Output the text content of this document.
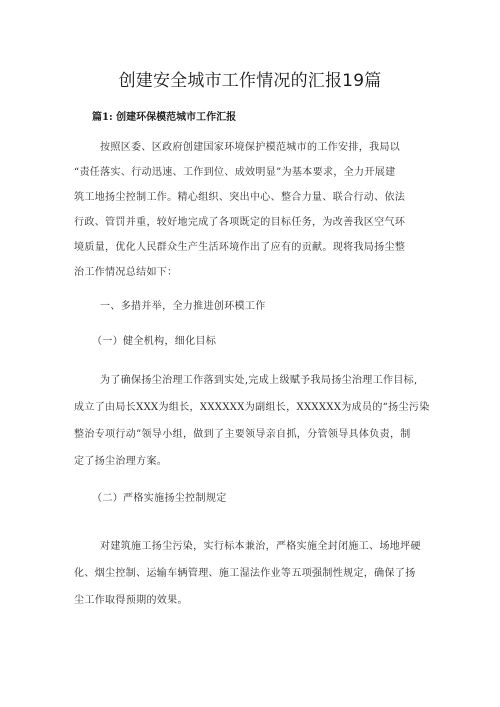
创建安全城市工作情况的汇报19篇
篇1: 创建环保模范城市工作汇报
按照区委、区政府创建国家环境保护模范城市的工作安排，我局以
“责任落实、行动迅速、工作到位、成效明显”为基本要求，全力开展建
筑工地扬尘控制工作。精心组织、突出中心、整合力量、联合行动、依法
行政、管罚并重，较好地完成了各项既定的目标任务，为改善我区空气环
境质量，优化人民群众生产生活环境作出了应有的贡献。现将我局扬尘整
治工作情况总结如下：
一、多措并举，全力推进创环模工作
（一）健全机构，细化目标
为了确保扬尘治理工作落到实处,完成上级赋予我局扬尘治理工作目标,
成立了由局长XXX为组长，XXXXXX为副组长，XXXXXX为成员的“扬尘污染
整治专项行动”领导小组，做到了主要领导亲自抓，分管领导具体负责，制
定了扬尘治理方案。
（二）严格实施扬尘控制规定
对建筑施工扬尘污染，实行标本兼治，严格实施全封闭施工、场地坪硬
化、烟尘控制、运输车辆管理、施工湿法作业等五项强制性规定，确保了扬
尘工作取得预期的效果。
